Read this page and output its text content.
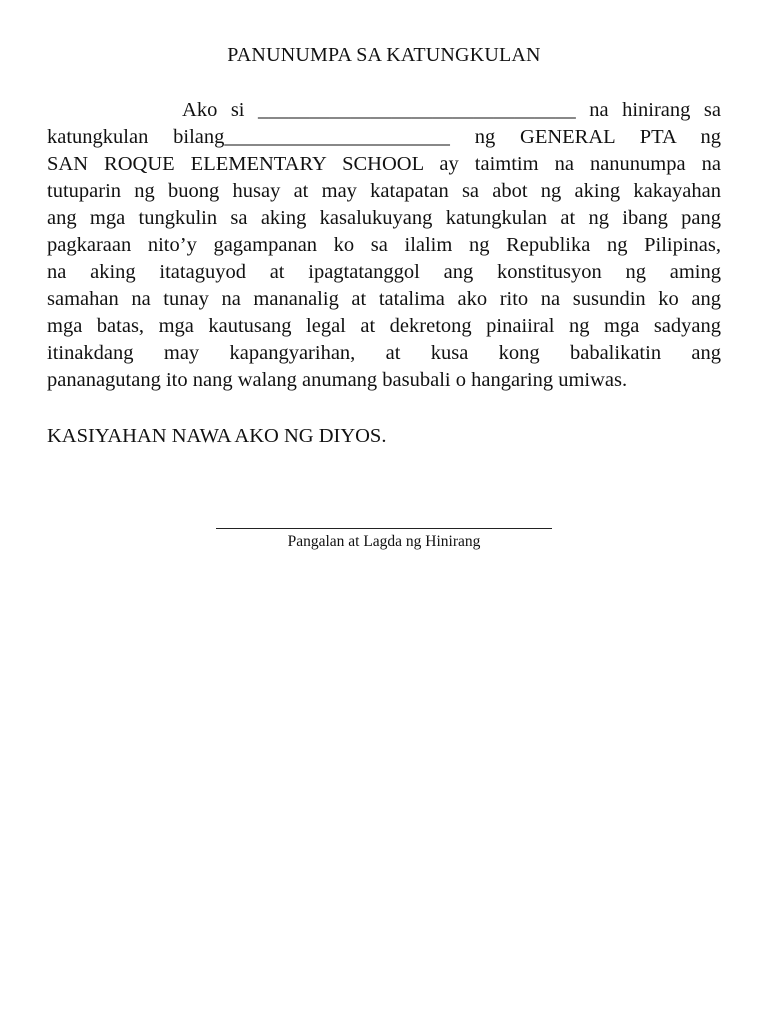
PANUNUMPA SA KATUNGKULAN
Ako si _______________________________ na hinirang sa
katungkulan bilang______________________ ng GENERAL PTA ng
SAN ROQUE ELEMENTARY SCHOOL ay taimtim na nanunumpa na
tutuparin ng buong husay at may katapatan sa abot ng aking kakayahan
ang mga tungkulin sa aking kasalukuyang katungkulan at ng ibang pang
pagkaraan nito’y gagampanan ko sa ilalim ng Republika ng Pilipinas,
na aking itataguyod at ipagtatanggol ang konstitusyon ng aming
samahan na tunay na mananalig at tatalima ako rito na susundin ko ang
mga batas, mga kautusang legal at dekretong pinaiiral ng mga sadyang
itinakdang may kapangyarihan, at kusa kong babalikatin ang
pananagutang ito nang walang anumang basubali o hangaring umiwas.
KASIYAHAN NAWA AKO NG DIYOS.
Pangalan at Lagda ng Hinirang
